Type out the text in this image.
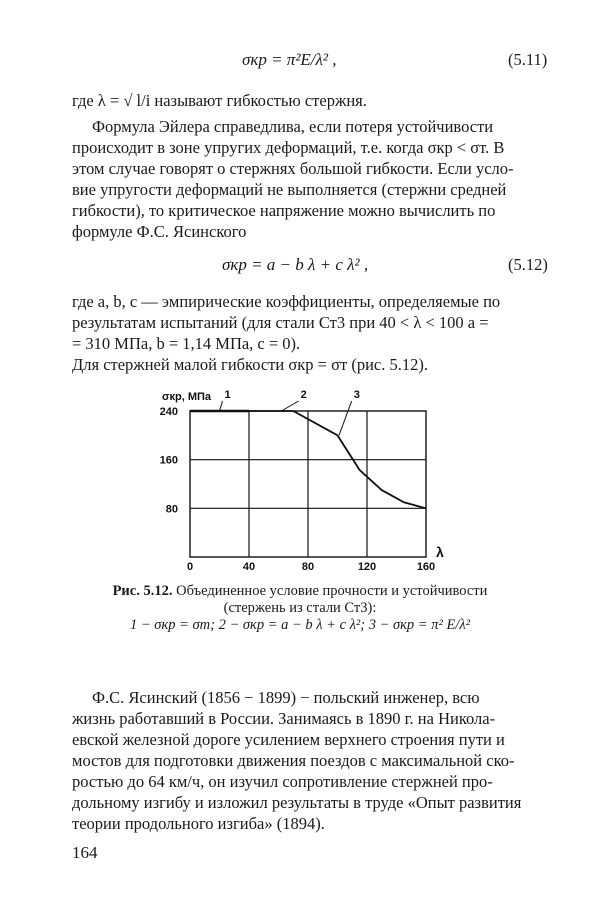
σкр = π²E/λ² ,	(5.11)
где λ = √ l/i называют гибкостью стержня.
Формула Эйлера справедлива, если потеря устойчивости
происходит в зоне упругих деформаций, т.е. когда σкр < σт. В
этом случае говорят о стержнях большой гибкости. Если усло-
вие упругости деформаций не выполняется (стержни средней
гибкости), то критическое напряжение можно вычислить по
формуле Ф.С. Ясинского
σкр = a − b λ + c λ² ,	(5.12)
где a, b, c — эмпирические коэффициенты, определяемые по
результатам испытаний (для стали Ст3 при 40 < λ < 100 a =
= 310 МПа, b = 1,14 МПа, c = 0).
Для стержней малой гибкости σкр = σт (рис. 5.12).
0	40	80	120	160
240
160
80
σкр, МПа
λ
1	2	3
Рис. 5.12. Объединенное условие прочности и устойчивости
(стержень из стали Ст3):
1 − σкр = σт; 2 − σкр = a − b λ + c λ²; 3 − σкр = π² E/λ²
Ф.С. Ясинский (1856 − 1899) − польский инженер, всю
жизнь работавший в России. Занимаясь в 1890 г. на Никола-
евской железной дороге усилением верхнего строения пути и
мостов для подготовки движения поездов с максимальной ско-
ростью до 64 км/ч, он изучил сопротивление стержней про-
дольному изгибу и изложил результаты в труде «Опыт развития
теории продольного изгиба» (1894).
164
